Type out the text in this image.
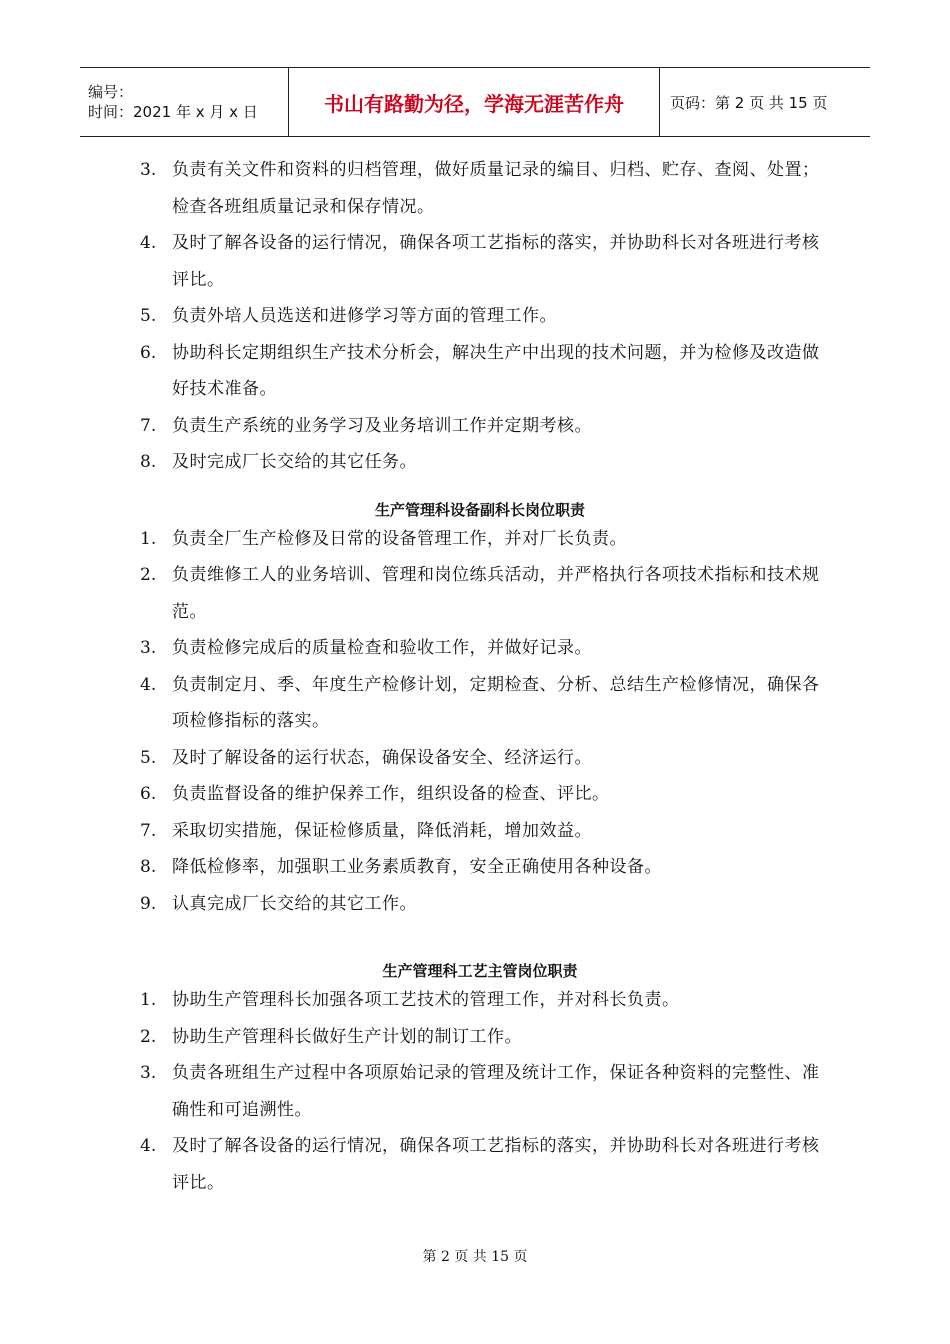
编号：
时间：2021 年 x 月 x 日	书山有路勤为径，学海无涯苦作舟	页码：第 2 页 共 15 页
3. 负责有关文件和资料的归档管理，做好质量记录的编目、归档、贮存、查阅、处置；检查各班组质量记录和保存情况。
4. 及时了解各设备的运行情况，确保各项工艺指标的落实，并协助科长对各班进行考核评比。
5. 负责外培人员选送和进修学习等方面的管理工作。
6. 协助科长定期组织生产技术分析会，解决生产中出现的技术问题，并为检修及改造做好技术准备。
7. 负责生产系统的业务学习及业务培训工作并定期考核。
8. 及时完成厂长交给的其它任务。
生产管理科设备副科长岗位职责
1. 负责全厂生产检修及日常的设备管理工作，并对厂长负责。
2. 负责维修工人的业务培训、管理和岗位练兵活动，并严格执行各项技术指标和技术规范。
3. 负责检修完成后的质量检查和验收工作，并做好记录。
4. 负责制定月、季、年度生产检修计划，定期检查、分析、总结生产检修情况，确保各项检修指标的落实。
5. 及时了解设备的运行状态，确保设备安全、经济运行。
6. 负责监督设备的维护保养工作，组织设备的检查、评比。
7. 采取切实措施，保证检修质量，降低消耗，增加效益。
8. 降低检修率，加强职工业务素质教育，安全正确使用各种设备。
9. 认真完成厂长交给的其它工作。
生产管理科工艺主管岗位职责
1. 协助生产管理科长加强各项工艺技术的管理工作，并对科长负责。
2. 协助生产管理科长做好生产计划的制订工作。
3. 负责各班组生产过程中各项原始记录的管理及统计工作，保证各种资料的完整性、准确性和可追溯性。
4. 及时了解各设备的运行情况，确保各项工艺指标的落实，并协助科长对各班进行考核评比。
第 2 页 共 15 页
